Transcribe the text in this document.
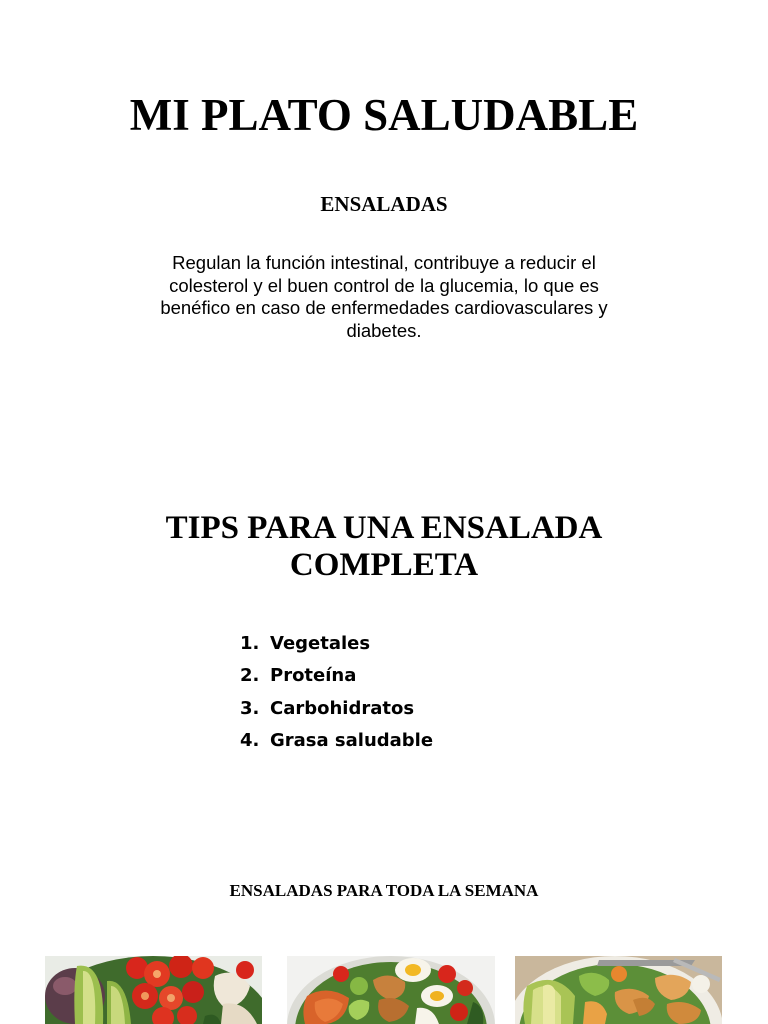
MI PLATO SALUDABLE
ENSALADAS

Regulan la función intestinal, contribuye a reducir el
colesterol y el buen control de la glucemia, lo que es
benéfico en caso de enfermedades cardiovasculares y
diabetes.

TIPS PARA UNA ENSALADA
COMPLETA
1. Vegetales
2. Proteína
3. Carbohidratos
4. Grasa saludable
ENSALADAS PARA TODA LA SEMANA
